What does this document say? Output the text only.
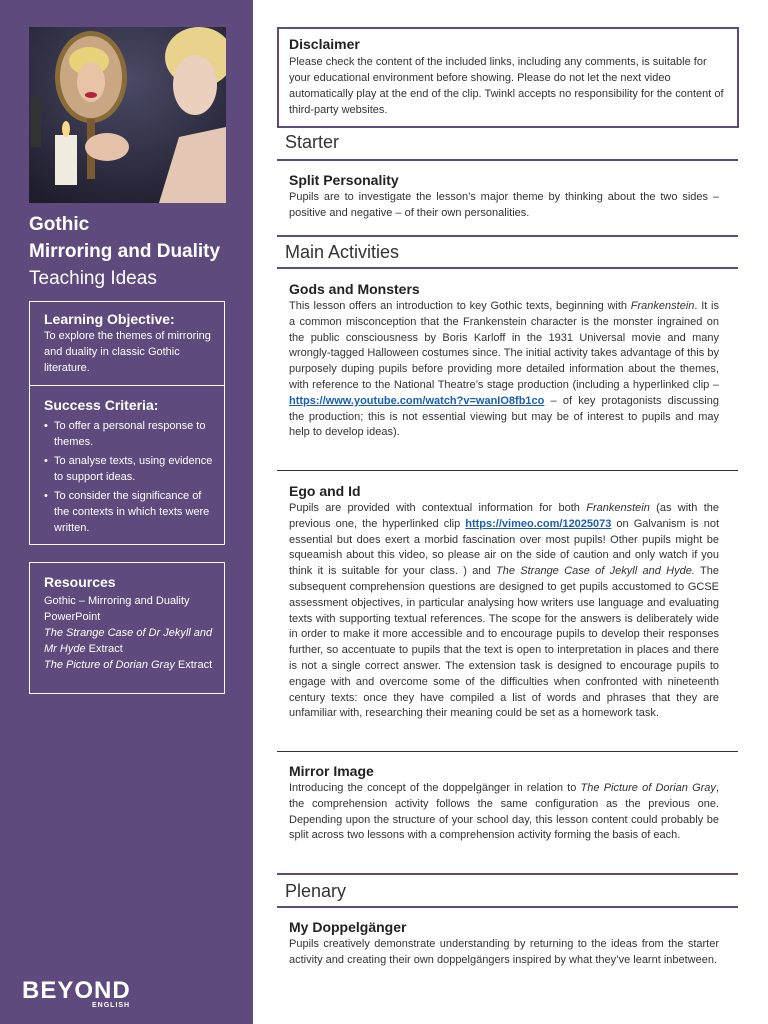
Gothic
Mirroring and Duality
Teaching Ideas
Learning Objective:

To explore the themes of mirroring and duality in classic Gothic literature.

Success Criteria:
• To offer a personal response to themes.
• To analyse texts, using evidence to support ideas.
• To consider the significance of the contexts in which texts were written.
Resources

Gothic – Mirroring and Duality PowerPoint

The Strange Case of Dr Jekyll and Mr Hyde Extract

The Picture of Dorian Gray Extract

BEYOND
ENGLISH
Disclaimer

Please check the content of the included links, including any comments, is suitable for your educational environment before showing. Please do not let the next video automatically play at the end of the clip. Twinkl accepts no responsibility for the content of third-party websites.

Starter
Split Personality

Pupils are to investigate the lesson’s major theme by thinking about the two sides – positive and negative – of their own personalities.

Main Activities
Gods and Monsters

This lesson offers an introduction to key Gothic texts, beginning with Frankenstein. It is a common misconception that the Frankenstein character is the monster ingrained on the public consciousness by Boris Karloff in the 1931 Universal movie and many wrongly-tagged Halloween costumes since. The initial activity takes advantage of this by purposely duping pupils before providing more detailed information about the themes, with reference to the National Theatre’s stage production (including a hyperlinked clip – https://www.youtube.com/watch?v=wanIO8fb1co – of key protagonists discussing the production; this is not essential viewing but may be of interest to pupils and may help to develop ideas).

Ego and Id

Pupils are provided with contextual information for both Frankenstein (as with the previous one, the hyperlinked clip https://vimeo.com/12025073 on Galvanism is not essential but does exert a morbid fascination over most pupils! Other pupils might be squeamish about this video, so please air on the side of caution and only watch if you think it is suitable for your class. ) and The Strange Case of Jekyll and Hyde. The subsequent comprehension questions are designed to get pupils accustomed to GCSE assessment objectives, in particular analysing how writers use language and evaluating texts with supporting textual references. The scope for the answers is deliberately wide in order to make it more accessible and to encourage pupils to develop their responses further, so accentuate to pupils that the text is open to interpretation in places and there is not a single correct answer. The extension task is designed to encourage pupils to engage with and overcome some of the difficulties when confronted with nineteenth century texts: once they have compiled a list of words and phrases that they are unfamiliar with, researching their meaning could be set as a homework task.

Mirror Image

Introducing the concept of the doppelgänger in relation to The Picture of Dorian Gray, the comprehension activity follows the same configuration as the previous one. Depending upon the structure of your school day, this lesson content could probably be split across two lessons with a comprehension activity forming the basis of each.

Plenary
My Doppelgänger

Pupils creatively demonstrate understanding by returning to the ideas from the starter activity and creating their own doppelgängers inspired by what they’ve learnt inbetween.
